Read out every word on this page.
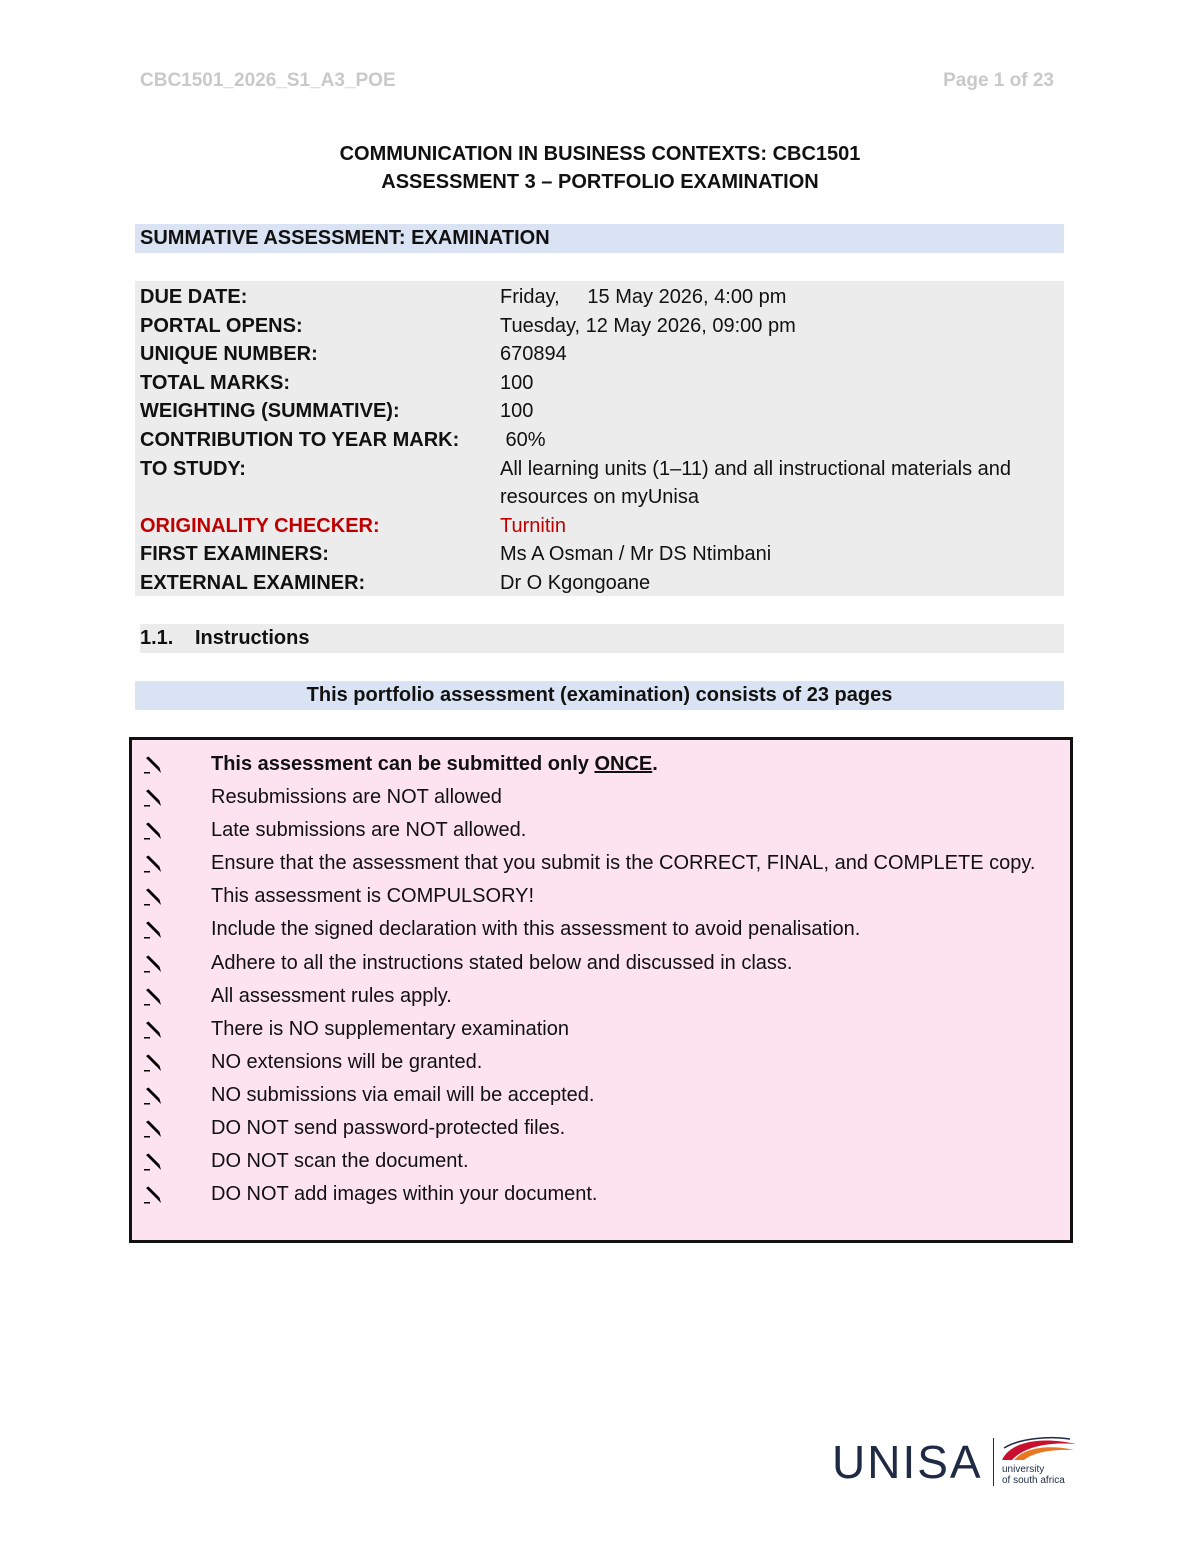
CBC1501_2026_S1_A3_POE	Page 1 of 23
COMMUNICATION IN BUSINESS CONTEXTS: CBC1501
ASSESSMENT 3 – PORTFOLIO EXAMINATION
SUMMATIVE ASSESSMENT: EXAMINATION
DUE DATE:	Friday,     15 May 2026, 4:00 pm
PORTAL OPENS:	Tuesday, 12 May 2026, 09:00 pm
UNIQUE NUMBER:	670894
TOTAL MARKS:	100
WEIGHTING (SUMMATIVE):	100
CONTRIBUTION TO YEAR MARK:	60%
TO STUDY:	All learning units (1–11) and all instructional materials and resources on myUnisa
ORIGINALITY CHECKER:	Turnitin
FIRST EXAMINERS:	Ms A Osman / Mr DS Ntimbani
EXTERNAL EXAMINER:	Dr O Kgongoane
1.1. Instructions
This portfolio assessment (examination) consists of 23 pages
This assessment can be submitted only ONCE.
Resubmissions are NOT allowed
Late submissions are NOT allowed.
Ensure that the assessment that you submit is the CORRECT, FINAL, and COMPLETE copy.
This assessment is COMPULSORY!
Include the signed declaration with this assessment to avoid penalisation.
Adhere to all the instructions stated below and discussed in class.
All assessment rules apply.
There is NO supplementary examination
NO extensions will be granted.
NO submissions via email will be accepted.
DO NOT send password-protected files.
DO NOT scan the document.
DO NOT add images within your document.
UNISA university
of south africa
